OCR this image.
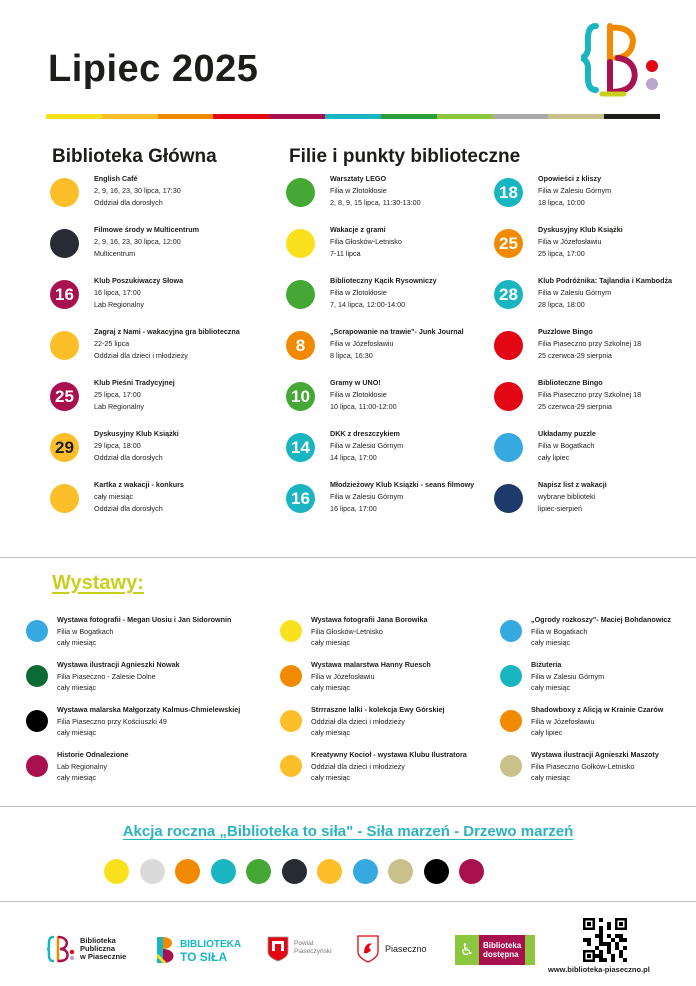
Lipiec 2025
Biblioteka Główna	Filie i punkty biblioteczne
English Café
2, 9, 16, 23, 30 lipca, 17:30
Oddział dla dorosłych
Filmowe środy w Multicentrum
2, 9, 16, 23, 30 lipca, 12:00
Multicentrum
16
Klub Poszukiwaczy Słowa
16 lipca, 17:00
Lab Regionalny
Zagraj z Nami - wakacyjna gra biblioteczna
22-25 lipca
Oddział dla dzieci i młodzieży
25
Klub Pieśni Tradycyjnej
25 lipca, 17:00
Lab Regionalny
29
Dyskusyjny Klub Książki
29 lipca, 18:00
Oddział dla dorosłych
Kartka z wakacji - konkurs
cały miesiąc
Oddział dla dorosłych
Warsztaty LEGO
Filia w Złotokłosie
2, 8, 9, 15 lipca, 11:30-13:00
Wakacje z grami
Filia Głosków-Letnisko
7-11 lipca
Biblioteczny Kącik Rysowniczy
Filia w Złotokłosie
7, 14 lipca, 12:00-14:00
8
„Scrapowanie na trawie"- Junk Journal
Filia w Józefosławiu
8 lipca, 16:30
10
Gramy w UNO!
Filia w Złotokłosie
10 lipca, 11:00-12:00
14
DKK z dreszczykiem
Filia w Zalesiu Górnym
14 lipca, 17:00
16
Młodzieżowy Klub Książki - seans filmowy
Filia w Zalesiu Górnym
16 lipca, 17:00
18
Opowieści z kliszy
Filia w Zalesiu Górnym
18 lipca, 10:00
25
Dyskusyjny Klub Książki
Filia w Józefosławiu
25 lipca, 17:00
28
Klub Podróżnika: Tajlandia i Kambodża
Filia w Zalesiu Górnym
28 lipca, 18:00
Puzzlowe Bingo
Filia Piaseczno przy Szkolnej 18
25 czerwca-29 sierpnia
Biblioteczne Bingo
Filia Piaseczno przy Szkolnej 18
25 czerwca-29 sierpnia
Układamy puzzle
Filia w Bogatkach
cały lipiec
Napisz list z wakacji
wybrane biblioteki
lipiec-sierpień
Wystawy:
Wystawa fotografii - Megan Uosiu i Jan Sidorownin
Filia w Bogatkach
cały miesiąc
Wystawa ilustracji Agnieszki Nowak
Filia Piaseczno - Zalesie Dolne
cały miesiąc
Wystawa malarska Małgorzaty Kalmus-Chmielewskiej
Filia Piaseczno przy Kościuszki 49
cały miesiąc
Historie Odnalezione
Lab Regionalny
cały miesiąc
Wystawa fotografii Jana Borowika
Filia Głosków-Letnisko
cały miesiąc
Wystawa malarstwa Hanny Ruesch
Filia w Józefosławiu
cały miesiąc
Strrraszne lalki - kolekcja Ewy Górskiej
Oddział dla dzieci i młodzieży
cały miesiąc
Kreatywny Kocioł - wystawa Klubu Ilustratora
Oddział dla dzieci i młodzieży
cały miesiąc
„Ogrody rozkoszy"- Maciej Bohdanowicz
Filia w Bogatkach
cały miesiąc
Biżuteria
Filia w Zalesiu Górnym
cały miesiąc
Shadowboxy z Alicją w Krainie Czarów
Filia w Józefosławiu
cały lipiec
Wystawa ilustracji Agnieszki Maszoty
Filia Piaseczno Gołków-Letnisko
cały miesiąc
Akcja roczna „Biblioteka to siła" - Siła marzeń - Drzewo marzeń
Biblioteka
Publiczna
w Piasecznie
BIBLIOTEKA
TO SIŁA
Powiat
Piaseczyński	Piaseczno	♿	Biblioteka
dostępna
www.biblioteka-piaseczno.pl
